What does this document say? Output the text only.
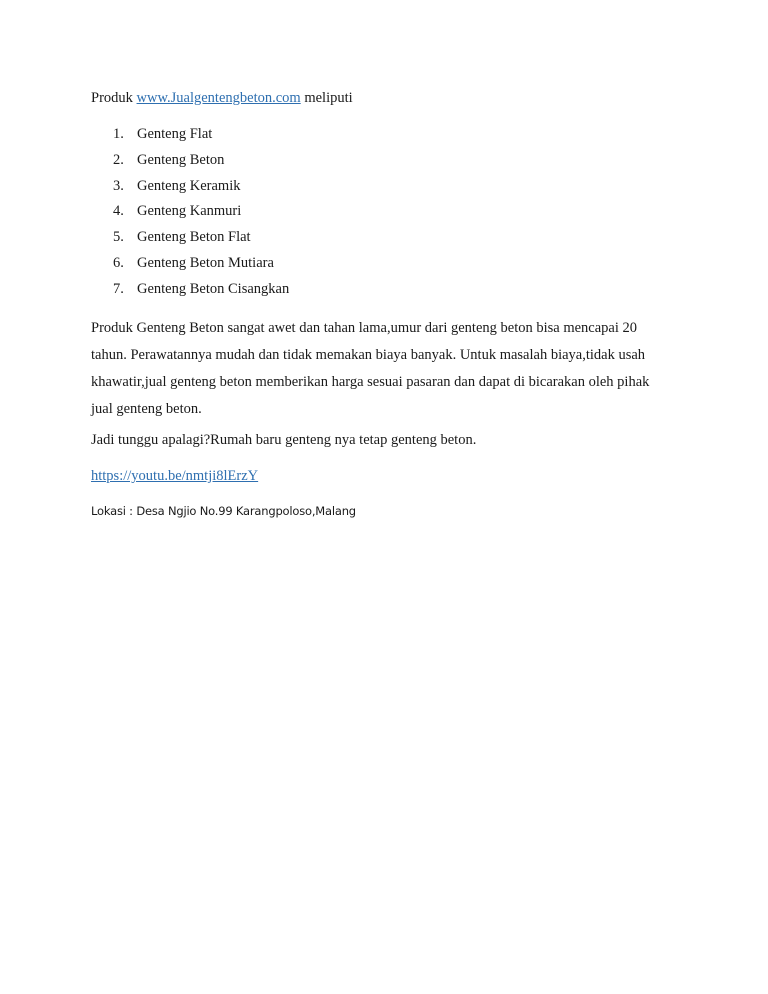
Produk www.Jualgentengbeton.com meliputi
1. Genteng Flat
2. Genteng Beton
3. Genteng Keramik
4. Genteng Kanmuri
5. Genteng Beton Flat
6. Genteng Beton Mutiara
7. Genteng Beton Cisangkan

Produk Genteng Beton sangat awet dan tahan lama,umur dari genteng beton bisa mencapai 20
tahun. Perawatannya mudah dan tidak memakan biaya banyak. Untuk masalah biaya,tidak usah
khawatir,jual genteng beton memberikan harga sesuai pasaran dan dapat di bicarakan oleh pihak
jual genteng beton.

Jadi tunggu apalagi?Rumah baru genteng nya tetap genteng beton.
https://youtu.be/nmtji8lErzY
Lokasi : Desa Ngjio No.99 Karangpoloso,Malang
